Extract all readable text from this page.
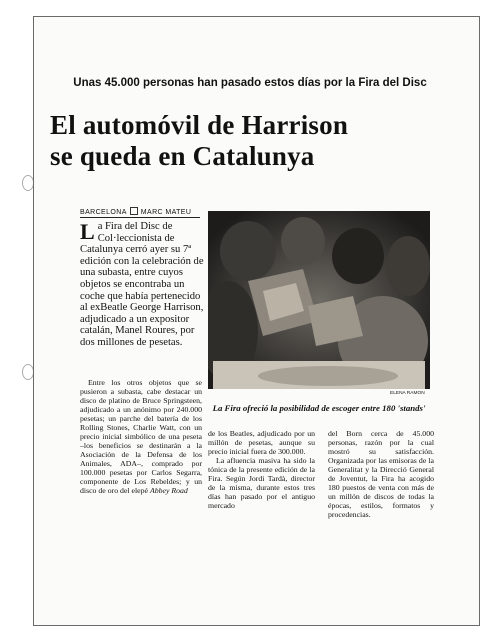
Unas 45.000 personas han pasado estos días por la Fira del Disc
El automóvil de Harrison
se queda en Catalunya
BARCELONA MARC MATEU
La Fira del Disc de Col·leccionista de Catalunya cerró ayer su 7ª edición con la celebración de una subasta, entre cuyos objetos se encontraba un coche que había pertenecido al exBeatle George Harrison, adjudicado a un expositor catalán, Manel Roures, por dos millones de pesetas.
Entre los otros objetos que se pusieron a subasta, cabe destacar un disco de platino de Bruce Springsteen, adjudicado a un anónimo por 240.000 pesetas; un parche del batería de los Rolling Stones, Charlie Watt, con un precio inicial simbólico de una peseta –los beneficios se destinarán a la Asociación de la Defensa de los Animales, ADA–, comprado por 100.000 pesetas por Carlos Segarra, componente de Los Rebeldes; y un disco de oro del elepé Abbey Road
ELENA RAMON

La Fira ofreció la posibilidad de escoger entre 180 'stands'

de los Beatles, adjudicado por un millón de pesetas, aunque su precio inicial fuera de 300.000.

La afluencia masiva ha sido la tónica de la presente edición de la Fira. Según Jordi Tardà, director de la misma, durante estos tres días han pasado por el antiguo mercado

del Born cerca de 45.000 personas, razón por la cual mostró su satisfacción. Organizada por las emisoras de la Generalitat y la Direcció General de Joventut, la Fira ha acogido 180 puestos de venta con más de un millón de discos de todas la épocas, estilos, formatos y procedencias.
